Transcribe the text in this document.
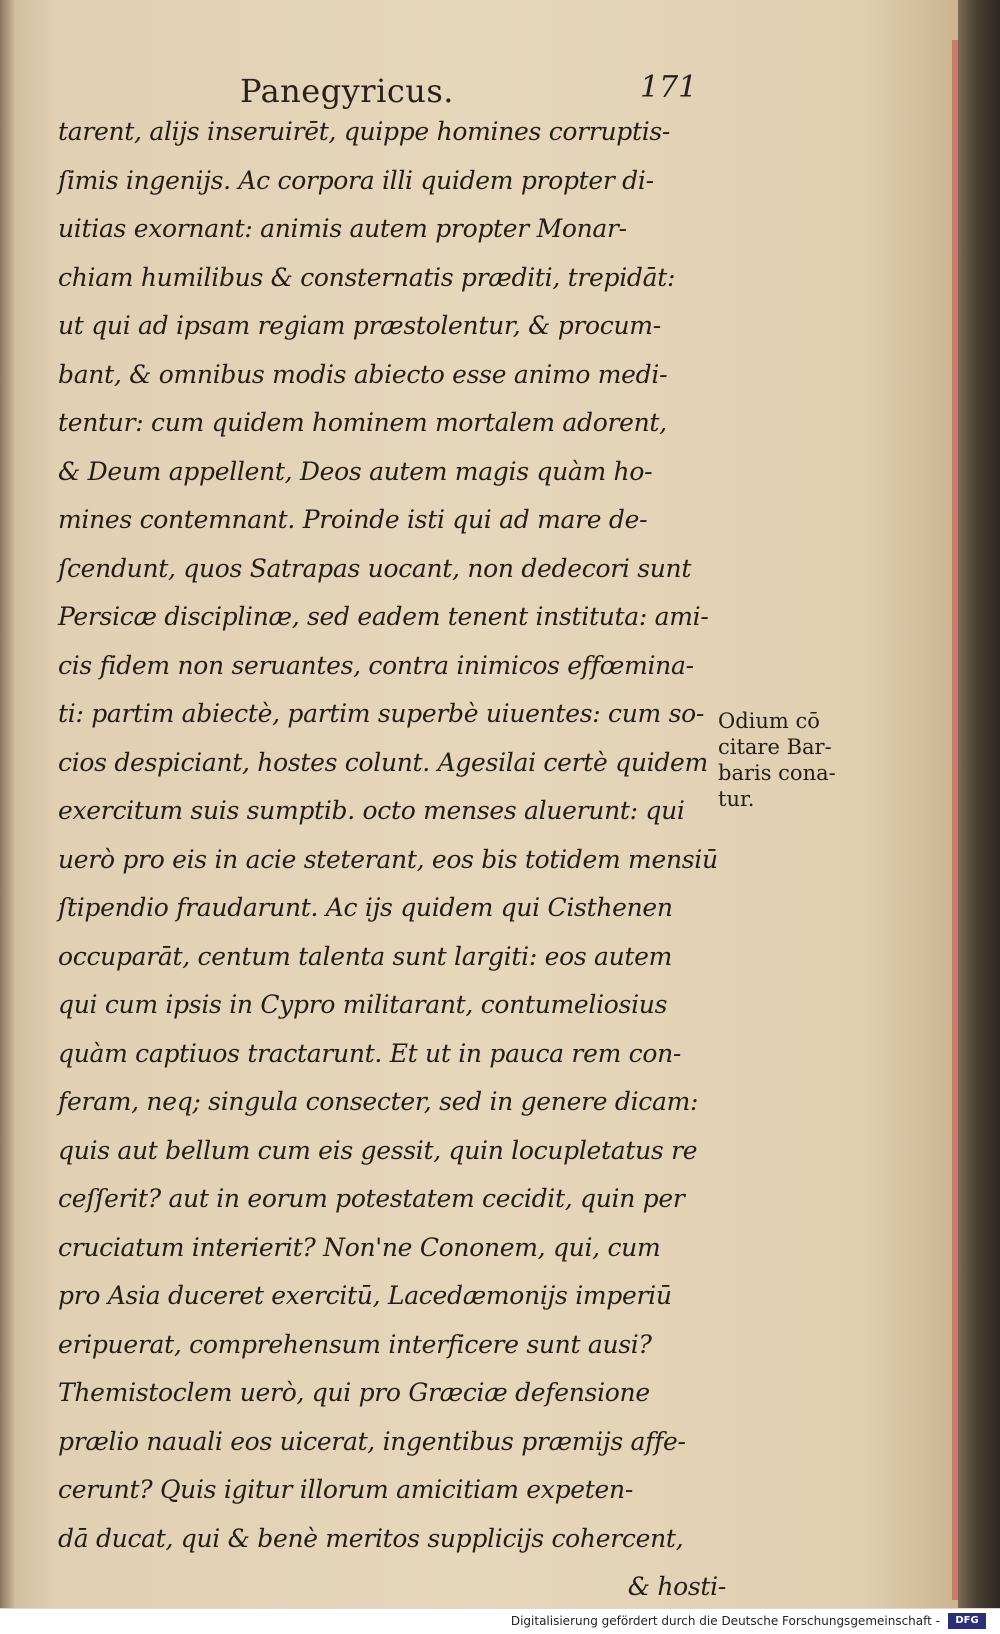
Panegyricus.	171
tarent, alijs inseruirēt, quippe homines corruptis-
ſimis ingenijs. Ac corpora illi quidem propter di-
uitias exornant: animis autem propter Monar-
chiam humilibus & consternatis præditi, trepidāt:
ut qui ad ipsam regiam præstolentur, & procum-
bant, & omnibus modis abiecto esse animo medi-
tentur: cum quidem hominem mortalem adorent,
& Deum appellent, Deos autem magis quàm ho-
mines contemnant. Proinde isti qui ad mare de-
ſcendunt, quos Satrapas uocant, non dedecori sunt
Persicæ disciplinæ, sed eadem tenent instituta: ami-
cis fidem non seruantes, contra inimicos effœmina-
ti: partim abiectè, partim superbè uiuentes: cum so-
cios despiciant, hostes colunt. Agesilai certè quidem
exercitum suis sumptib. octo menses aluerunt: qui
uerò pro eis in acie steterant, eos bis totidem mensiū
ſtipendio fraudarunt. Ac ijs quidem qui Cisthenen
occuparāt, centum talenta sunt largiti: eos autem
qui cum ipsis in Cypro militarant, contumeliosius
quàm captiuos tractarunt. Et ut in pauca rem con-
feram, neq; singula consecter, sed in genere dicam:
quis aut bellum cum eis gessit, quin locupletatus re
ceſſerit? aut in eorum potestatem cecidit, quin per
cruciatum interierit? Non'ne Cononem, qui, cum
pro Asia duceret exercitū, Lacedæmonijs imperiū
eripuerat, comprehensum interficere sunt ausi?
Themistoclem uerò, qui pro Græciæ defensione
prælio nauali eos uicerat, ingentibus præmijs affe-
cerunt? Quis igitur illorum amicitiam expeten-
dā ducat, qui & benè meritos supplicijs cohercent,
& hosti-
Odium cō
citare Bar-
baris cona-
tur.
Digitalisierung gefördert durch die Deutsche Forschungsgemeinschaft -	DFG
